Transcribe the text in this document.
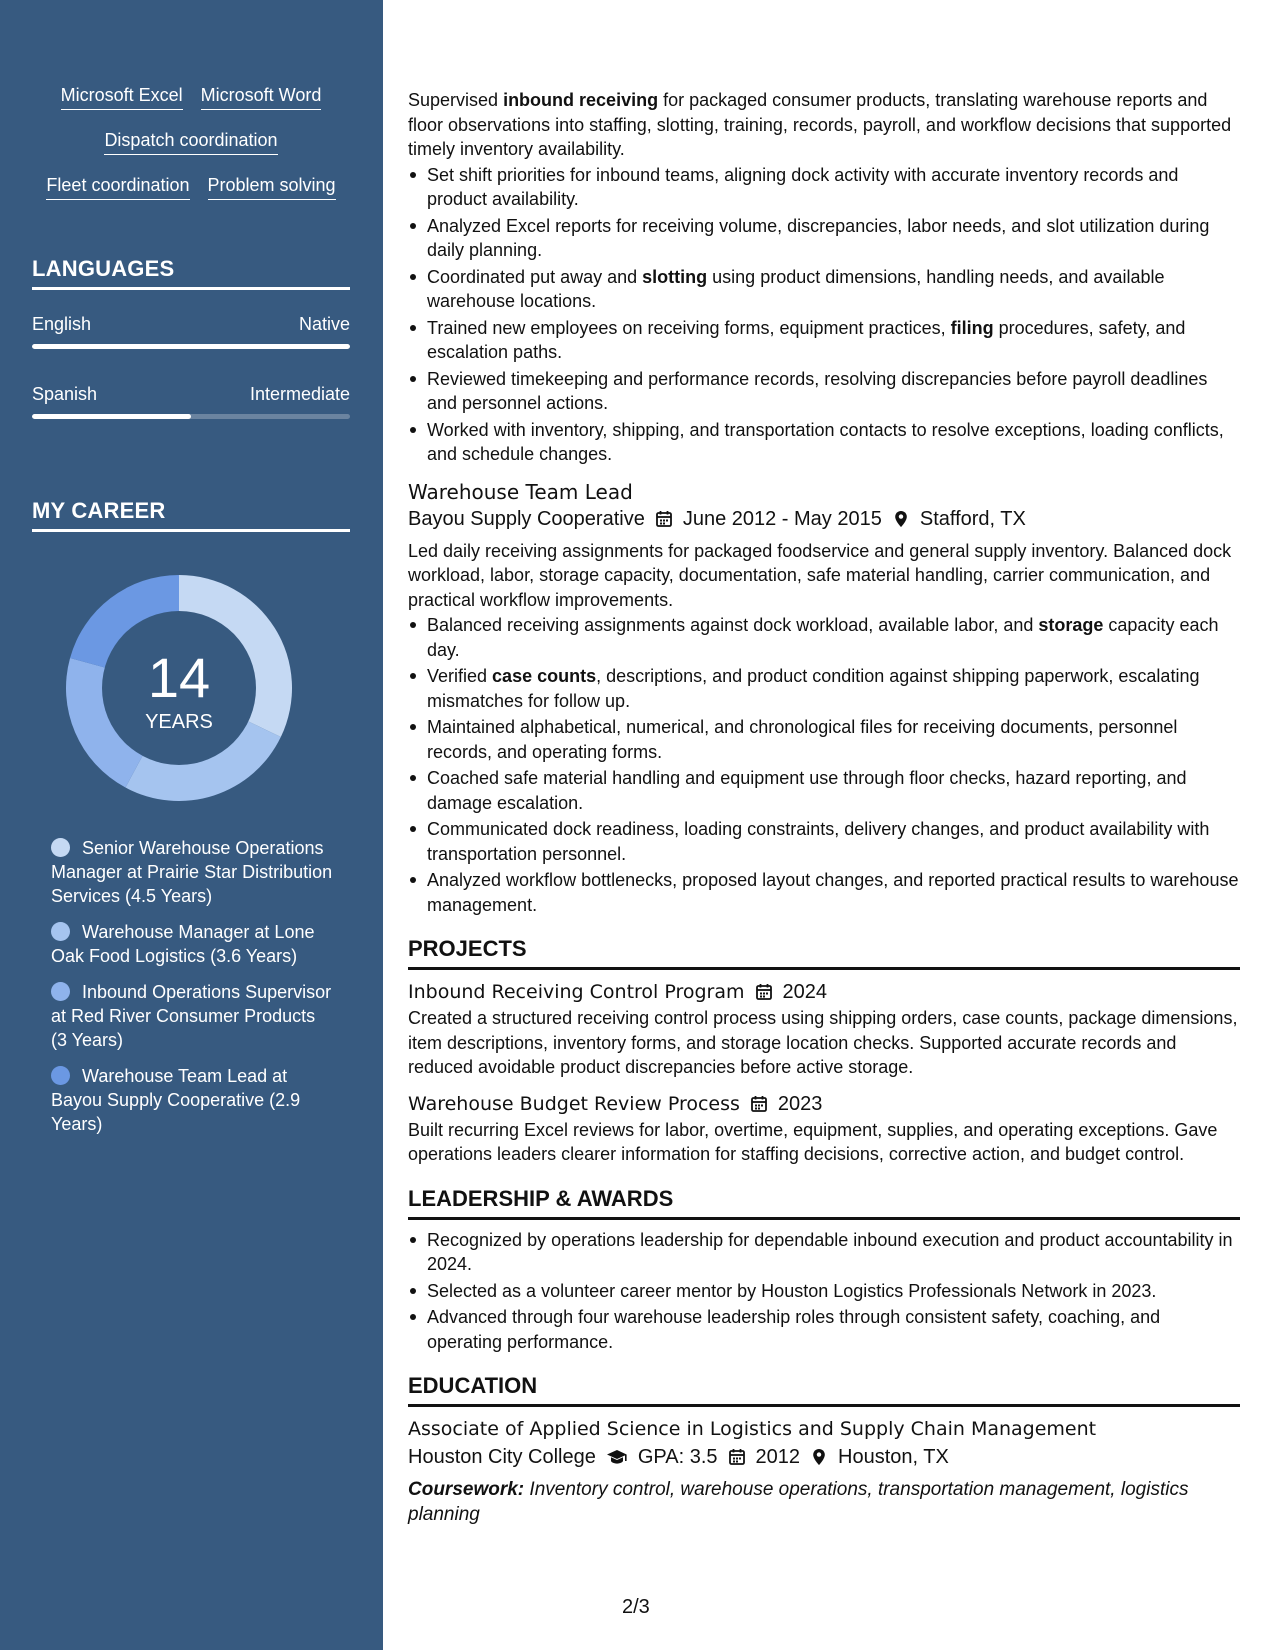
Microsoft Excel Microsoft Word
Dispatch coordination
Fleet coordination Problem solving
LANGUAGES
English	Native
Spanish	Intermediate
MY CAREER
14
YEARS
Senior Warehouse Operations Manager at Prairie Star Distribution Services (4.5 Years)
Warehouse Manager at Lone Oak Food Logistics (3.6 Years)
Inbound Operations Supervisor at Red River Consumer Products (3 Years)
Warehouse Team Lead at Bayou Supply Cooperative (2.9 Years)
Supervised inbound receiving for packaged consumer products, translating warehouse reports and floor observations into staffing, slotting, training, records, payroll, and workflow decisions that supported timely inventory availability.
Set shift priorities for inbound teams, aligning dock activity with accurate inventory records and product availability.
Analyzed Excel reports for receiving volume, discrepancies, labor needs, and slot utilization during daily planning.
Coordinated put away and slotting using product dimensions, handling needs, and available warehouse locations.
Trained new employees on receiving forms, equipment practices, filing procedures, safety, and escalation paths.
Reviewed timekeeping and performance records, resolving discrepancies before payroll deadlines and personnel actions.
Worked with inventory, shipping, and transportation contacts to resolve exceptions, loading conflicts, and schedule changes.
Warehouse Team Lead
Bayou Supply Cooperative June 2012 - May 2015 Stafford, TX
Led daily receiving assignments for packaged foodservice and general supply inventory. Balanced dock workload, labor, storage capacity, documentation, safe material handling, carrier communication, and practical workflow improvements.
Balanced receiving assignments against dock workload, available labor, and storage capacity each day.
Verified case counts, descriptions, and product condition against shipping paperwork, escalating mismatches for follow up.
Maintained alphabetical, numerical, and chronological files for receiving documents, personnel records, and operating forms.
Coached safe material handling and equipment use through floor checks, hazard reporting, and damage escalation.
Communicated dock readiness, loading constraints, delivery changes, and product availability with transportation personnel.
Analyzed workflow bottlenecks, proposed layout changes, and reported practical results to warehouse management.
PROJECTS
Inbound Receiving Control Program 2024
Created a structured receiving control process using shipping orders, case counts, package dimensions, item descriptions, inventory forms, and storage location checks. Supported accurate records and reduced avoidable product discrepancies before active storage.
Warehouse Budget Review Process 2023
Built recurring Excel reviews for labor, overtime, equipment, supplies, and operating exceptions. Gave operations leaders clearer information for staffing decisions, corrective action, and budget control.
LEADERSHIP & AWARDS
Recognized by operations leadership for dependable inbound execution and product accountability in 2024.
Selected as a volunteer career mentor by Houston Logistics Professionals Network in 2023.
Advanced through four warehouse leadership roles through consistent safety, coaching, and operating performance.
EDUCATION
Associate of Applied Science in Logistics and Supply Chain Management
Houston City College GPA: 3.5 2012 Houston, TX
Coursework: Inventory control, warehouse operations, transportation management, logistics planning
2/3
